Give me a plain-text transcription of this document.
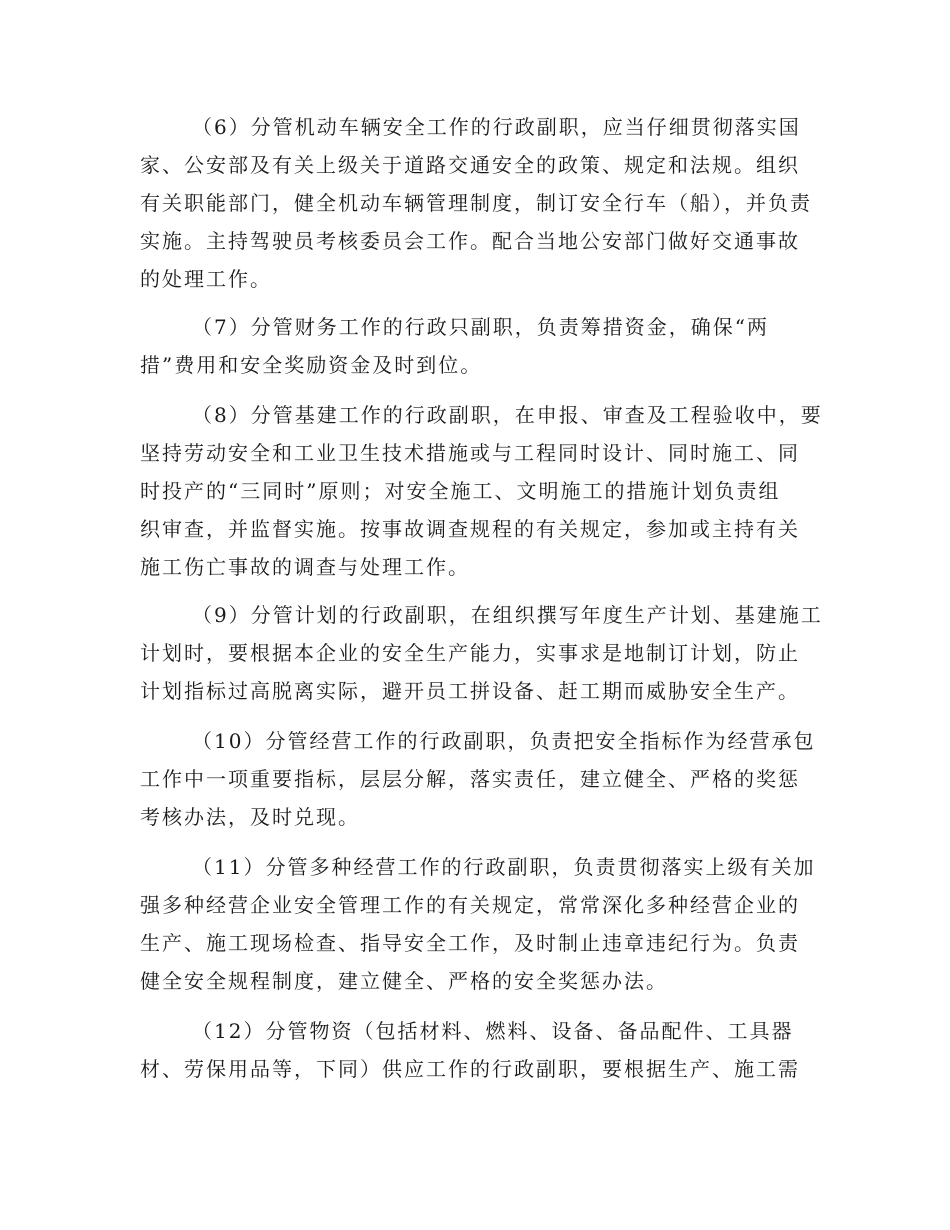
（6）分管机动车辆安全工作的行政副职，应当仔细贯彻落实国
家、公安部及有关上级关于道路交通安全的政策、规定和法规。组织
有关职能部门，健全机动车辆管理制度，制订安全行车（船），并负责
实施。主持驾驶员考核委员会工作。配合当地公安部门做好交通事故
的处理工作。
（7）分管财务工作的行政只副职，负责筹措资金，确保“两
措”费用和安全奖励资金及时到位。
（8）分管基建工作的行政副职，在申报、审查及工程验收中，要
坚持劳动安全和工业卫生技术措施或与工程同时设计、同时施工、同
时投产的“三同时”原则；对安全施工、文明施工的措施计划负责组
织审查，并监督实施。按事故调查规程的有关规定，参加或主持有关
施工伤亡事故的调查与处理工作。
（9）分管计划的行政副职，在组织撰写年度生产计划、基建施工
计划时，要根据本企业的安全生产能力，实事求是地制订计划，防止
计划指标过高脱离实际，避开员工拼设备、赶工期而威胁安全生产。
（10）分管经营工作的行政副职，负责把安全指标作为经营承包
工作中一项重要指标，层层分解，落实责任，建立健全、严格的奖惩
考核办法，及时兑现。
（11）分管多种经营工作的行政副职，负责贯彻落实上级有关加
强多种经营企业安全管理工作的有关规定，常常深化多种经营企业的
生产、施工现场检查、指导安全工作，及时制止违章违纪行为。负责
健全安全规程制度，建立健全、严格的安全奖惩办法。
（12）分管物资（包括材料、燃料、设备、备品配件、工具器
材、劳保用品等，下同）供应工作的行政副职，要根据生产、施工需
